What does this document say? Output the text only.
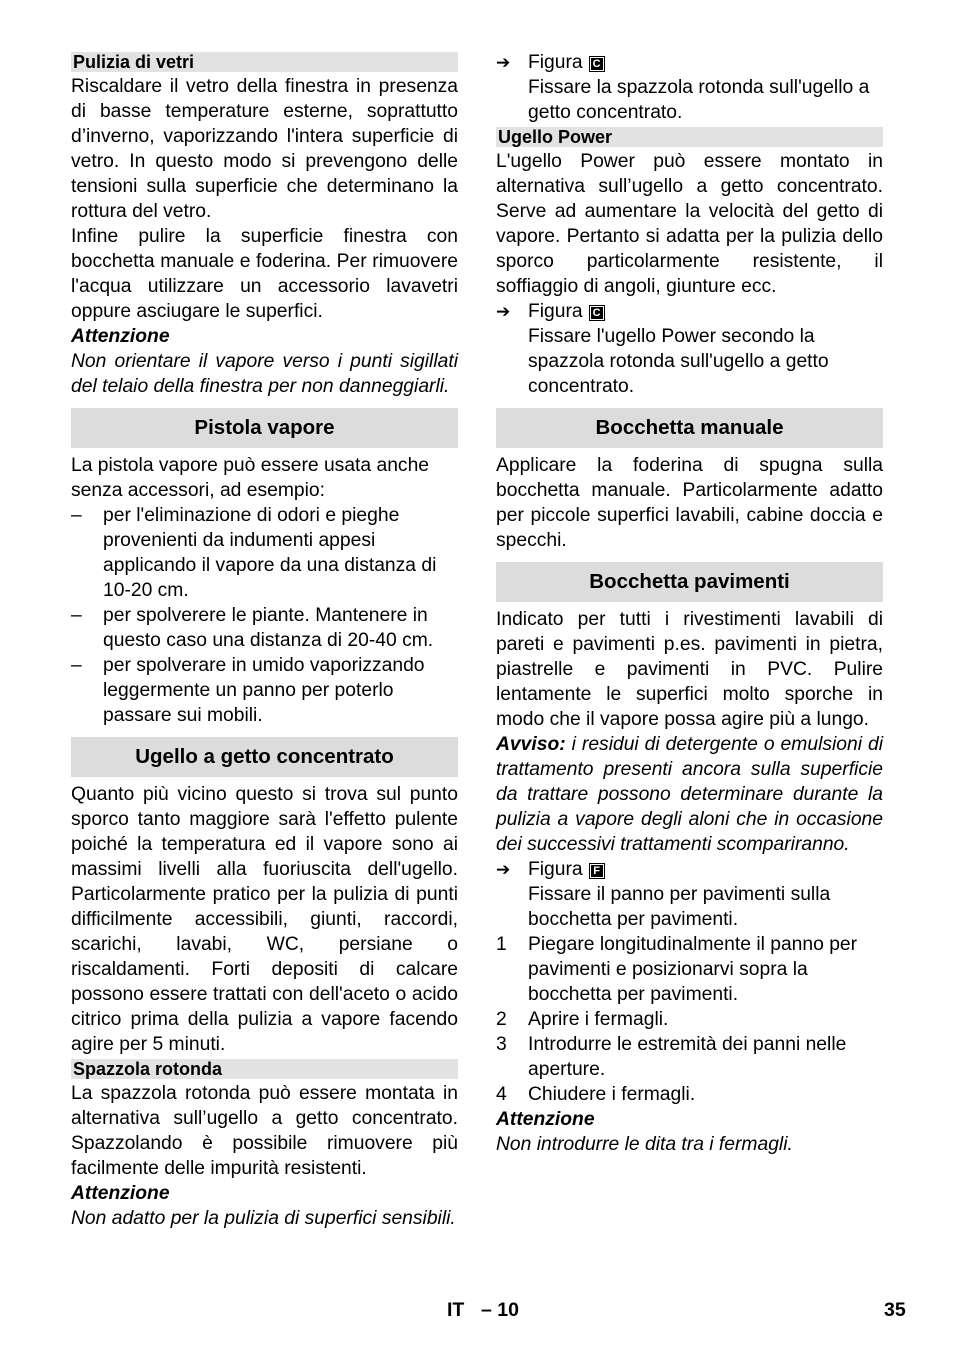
Pulizia di vetri

Riscaldare il vetro della finestra in presenza di basse temperature esterne, soprattutto d’inverno, vaporizzando l'intera superficie di vetro. In questo modo si prevengono delle tensioni sulla superficie che determinano la rottura del vetro.

Infine pulire la superficie finestra con bocchetta manuale e foderina. Per rimuovere l'acqua utilizzare un accessorio lavavetri oppure asciugare le superfici.

Attenzione

Non orientare il vapore verso i punti sigillati del telaio della finestra per non danneggiarli.

Pistola vapore

La pistola vapore può essere usata anche senza accessori, ad esempio:

–	per l'eliminazione di odori e pieghe provenienti da indumenti appesi applicando il vapore da una distanza di 10-20 cm.
–	per spolverere le piante. Mantenere in questo caso una distanza di 20-40 cm.
–	per spolverare in umido vaporizzando leggermente un panno per poterlo passare sui mobili.
Ugello a getto concentrato

Quanto più vicino questo si trova sul punto sporco tanto maggiore sarà l'effetto pulente poiché la temperatura ed il vapore sono ai massimi livelli alla fuoriuscita dell'ugello. Particolarmente pratico per la pulizia di punti difficilmente accessibili, giunti, raccordi, scarichi, lavabi, WC, persiane o riscaldamenti. Forti depositi di calcare possono essere trattati con dell'aceto o acido citrico prima della pulizia a vapore facendo agire per 5 minuti.

Spazzola rotonda

La spazzola rotonda può essere montata in alternativa sull’ugello a getto concentrato. Spazzolando è possibile rimuovere più facilmente delle impurità resistenti.

Attenzione

Non adatto per la pulizia di superfici sensibili.

➔ Figura C
Fissare la spazzola rotonda sull'ugello a getto concentrato.
Ugello Power

L'ugello Power può essere montato in alternativa sull’ugello a getto concentrato. Serve ad aumentare la velocità del getto di vapore. Pertanto si adatta per la pulizia dello sporco particolarmente resistente, il soffiaggio di angoli, giunture ecc.

➔ Figura C
Fissare l'ugello Power secondo la spazzola rotonda sull'ugello a getto concentrato.
Bocchetta manuale

Applicare la foderina di spugna sulla bocchetta manuale. Particolarmente adatto per piccole superfici lavabili, cabine doccia e specchi.

Bocchetta pavimenti

Indicato per tutti i rivestimenti lavabili di pareti e pavimenti p.es. pavimenti in pietra, piastrelle e pavimenti in PVC. Pulire lentamente le superfici molto sporche in modo che il vapore possa agire più a lungo.

Avviso: i residui di detergente o emulsioni di trattamento presenti ancora sulla superficie da trattare possono determinare durante la pulizia a vapore degli aloni che in occasione dei successivi trattamenti scompariranno.

➔ Figura F
Fissare il panno per pavimenti sulla bocchetta per pavimenti.
1	Piegare longitudinalmente il panno per pavimenti e posizionarvi sopra la bocchetta per pavimenti.
2	Aprire i fermagli.
3	Introdurre le estremità dei panni nelle aperture.
4	Chiudere i fermagli.

Attenzione

Non introdurre le dita tra i fermagli.

IT – 10	35
